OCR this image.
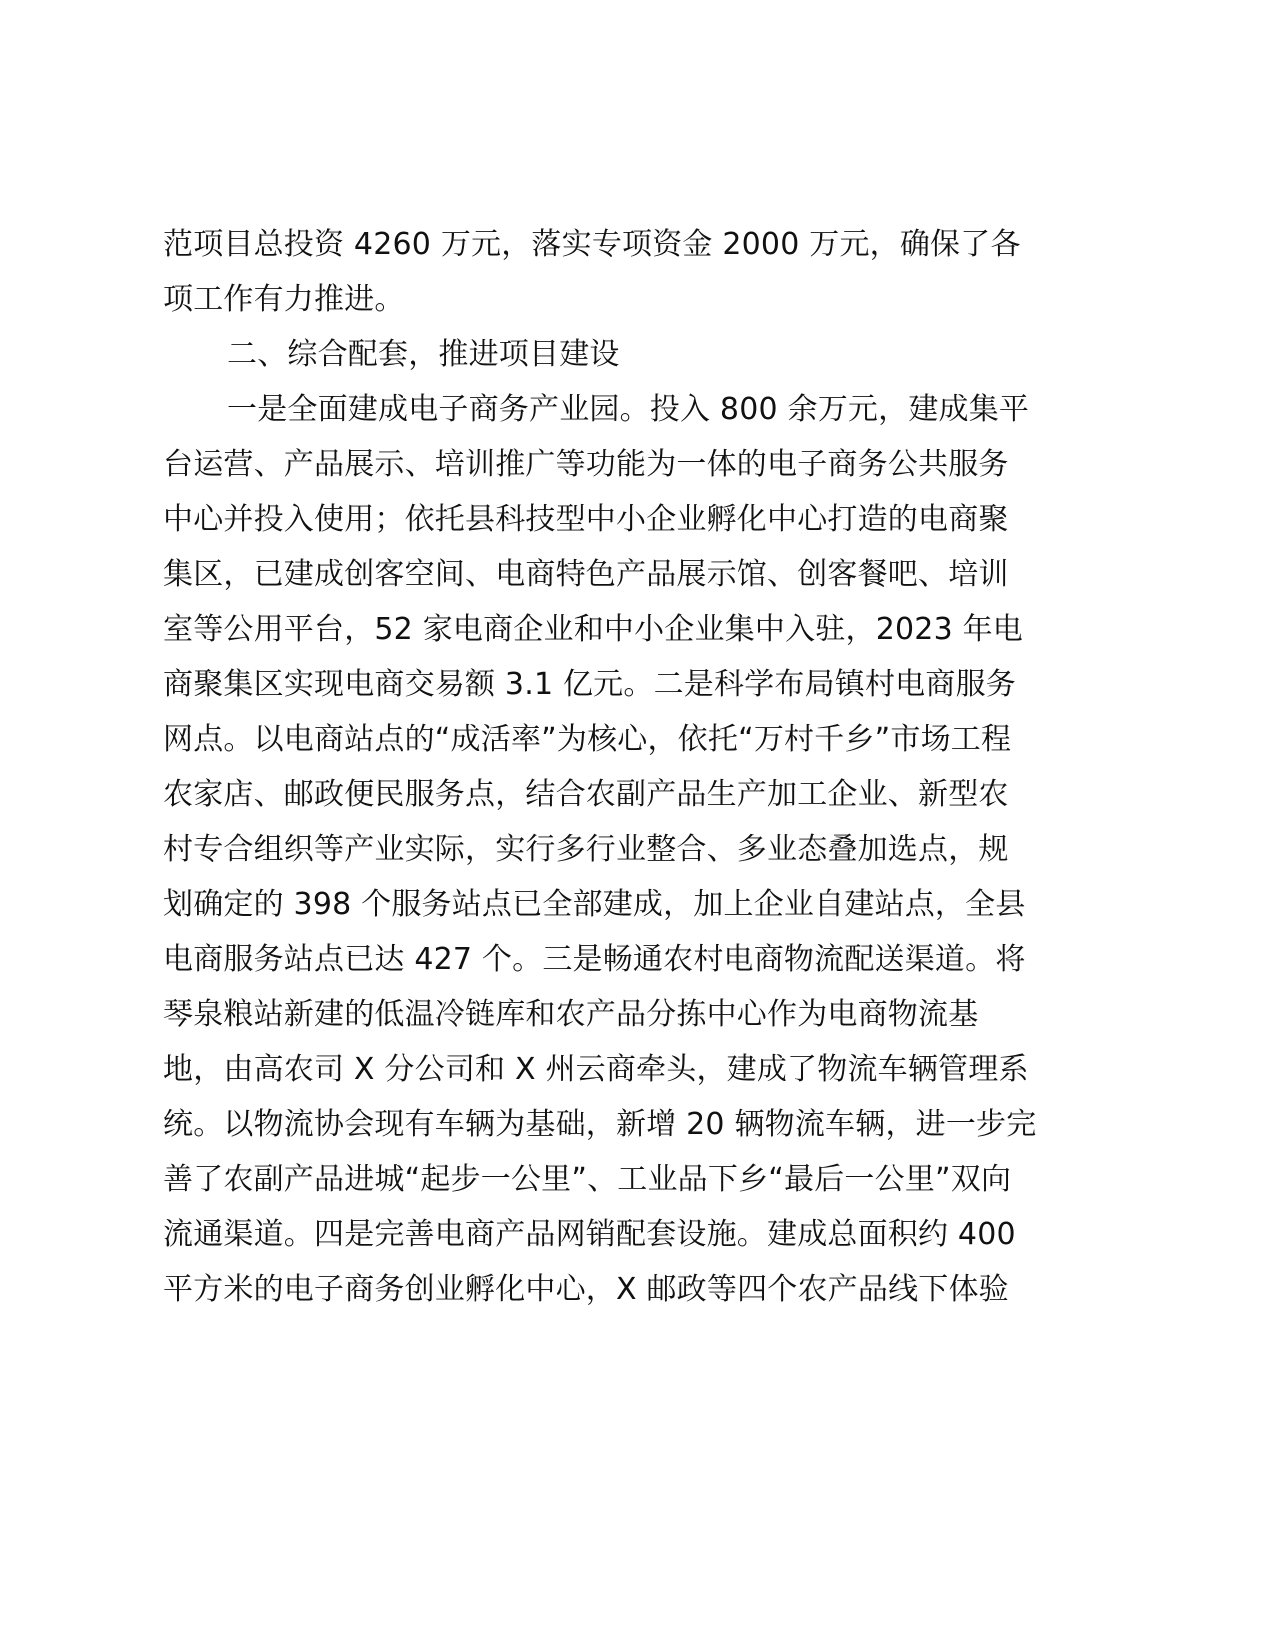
范项目总投资 4260 万元，落实专项资金 2000 万元，确保了各
项工作有力推进。
二、综合配套，推进项目建设
一是全面建成电子商务产业园。投入 800 余万元，建成集平
台运营、产品展示、培训推广等功能为一体的电子商务公共服务
中心并投入使用；依托县科技型中小企业孵化中心打造的电商聚
集区，已建成创客空间、电商特色产品展示馆、创客餐吧、培训
室等公用平台，52 家电商企业和中小企业集中入驻，2023 年电
商聚集区实现电商交易额 3.1 亿元。二是科学布局镇村电商服务
网点。以电商站点的“成活率”为核心，依托“万村千乡”市场工程
农家店、邮政便民服务点，结合农副产品生产加工企业、新型农
村专合组织等产业实际，实行多行业整合、多业态叠加选点，规
划确定的 398 个服务站点已全部建成，加上企业自建站点，全县
电商服务站点已达 427 个。三是畅通农村电商物流配送渠道。将
琴泉粮站新建的低温冷链库和农产品分拣中心作为电商物流基
地，由高农司 X 分公司和 X 州云商牵头，建成了物流车辆管理系
统。以物流协会现有车辆为基础，新增 20 辆物流车辆，进一步完
善了农副产品进城“起步一公里”、工业品下乡“最后一公里”双向
流通渠道。四是完善电商产品网销配套设施。建成总面积约 400
平方米的电子商务创业孵化中心，X 邮政等四个农产品线下体验
